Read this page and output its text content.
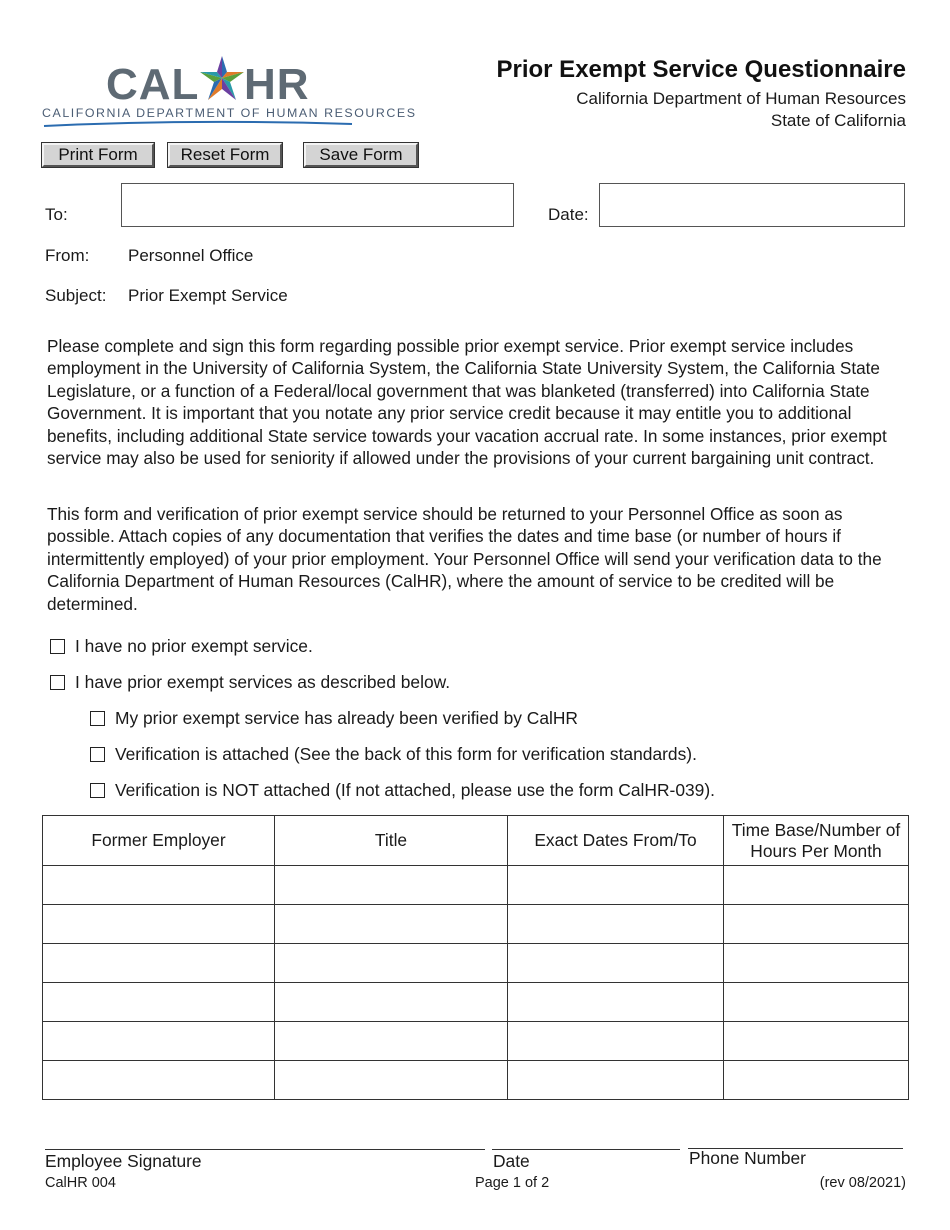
CAL HR
CALIFORNIA DEPARTMENT OF HUMAN RESOURCES
Prior Exempt Service Questionnaire
California Department of Human Resources
State of California
Print Form	Reset Form	Save Form
To:	Date:
From: Personnel Office
Subject: Prior Exempt Service

Please complete and sign this form regarding possible prior exempt service. Prior exempt service includes employment in the University of California System, the California State University System, the California State Legislature, or a function of a Federal/local government that was blanketed (transferred) into California State Government. It is important that you notate any prior service credit because it may entitle you to additional benefits, including additional State service towards your vacation accrual rate. In some instances, prior exempt service may also be used for seniority if allowed under the provisions of your current bargaining unit contract.

This form and verification of prior exempt service should be returned to your Personnel Office as soon as possible. Attach copies of any documentation that verifies the dates and time base (or number of hours if intermittently employed) of your prior employment. Your Personnel Office will send your verification data to the California Department of Human Resources (CalHR), where the amount of service to be credited will be determined.

I have no prior exempt service.
I have prior exempt services as described below.
My prior exempt service has already been verified by CalHR
Verification is attached (See the back of this form for verification standards).
Verification is NOT attached (If not attached, please use the form CalHR-039).
Former Employer	Title	Exact Dates From/To	Time Base/Number of Hours Per Month

Employee Signature	Date	Phone Number
CalHR 004	Page 1 of 2	(rev 08/2021)
